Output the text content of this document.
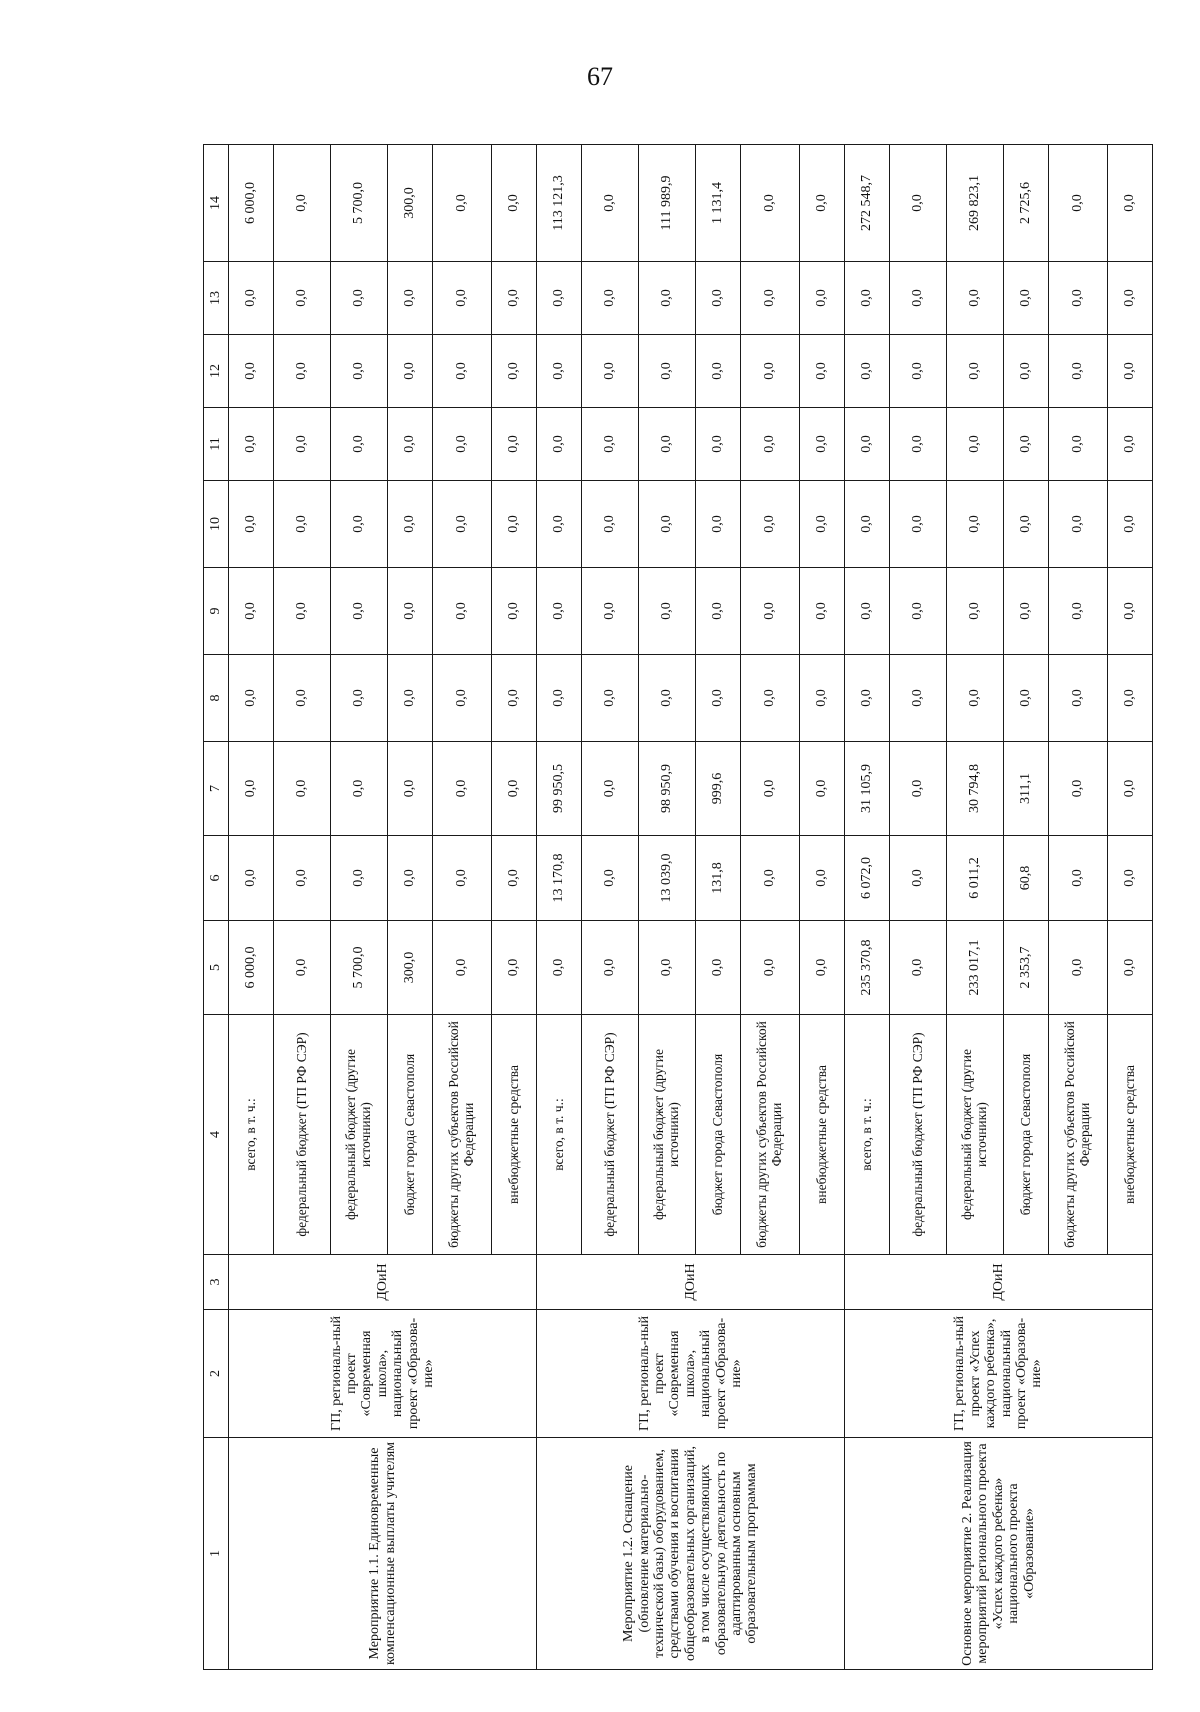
67
1	2	3	4	5	6	7	8	9	10	11	12	13	14
Мероприятие 1.1. Единовременные компенсационные выплаты учителям	ГП, региональ-ный проект «Современная школа», национальный проект «Образова-ние»	ДОиН	всего, в т. ч.:	6 000,0	0,0	0,0	0,0	0,0	0,0	0,0	0,0	0,0	6 000,0
			федеральный бюджет (ГП РФ СЭР)	0,0	0,0	0,0	0,0	0,0	0,0	0,0	0,0	0,0	0,0
			федеральный бюджет (другие источники)	5 700,0	0,0	0,0	0,0	0,0	0,0	0,0	0,0	0,0	5 700,0
			бюджет города Севастополя	300,0	0,0	0,0	0,0	0,0	0,0	0,0	0,0	0,0	300,0
			бюджеты других субъектов Российской Федерации	0,0	0,0	0,0	0,0	0,0	0,0	0,0	0,0	0,0	0,0
			внебюджетные средства	0,0	0,0	0,0	0,0	0,0	0,0	0,0	0,0	0,0	0,0
Мероприятие 1.2. Оснащение (обновление материально-технической базы) оборудованием, средствами обучения и воспитания общеобразовательных организаций, в том числе осуществляющих образовательную деятельность по адаптированным основным образовательным программам	ГП, региональ-ный проект «Современная школа», национальный проект «Образова-ние»	ДОиН	всего, в т. ч.:	0,0	13 170,8	99 950,5	0,0	0,0	0,0	0,0	0,0	0,0	113 121,3
			федеральный бюджет (ГП РФ СЭР)	0,0	0,0	0,0	0,0	0,0	0,0	0,0	0,0	0,0	0,0
			федеральный бюджет (другие источники)	0,0	13 039,0	98 950,9	0,0	0,0	0,0	0,0	0,0	0,0	111 989,9
			бюджет города Севастополя	0,0	131,8	999,6	0,0	0,0	0,0	0,0	0,0	0,0	1 131,4
			бюджеты других субъектов Российской Федерации	0,0	0,0	0,0	0,0	0,0	0,0	0,0	0,0	0,0	0,0
			внебюджетные средства	0,0	0,0	0,0	0,0	0,0	0,0	0,0	0,0	0,0	0,0
Основное мероприятие 2. Реализация мероприятий регионального проекта «Успех каждого ребенка» национального проекта «Образование»	ГП, региональ-ный проект «Успех каждого ребенка», национальный проект «Образова-ние»	ДОиН	всего, в т. ч.:	235 370,8	6 072,0	31 105,9	0,0	0,0	0,0	0,0	0,0	0,0	272 548,7
			федеральный бюджет (ГП РФ СЭР)	0,0	0,0	0,0	0,0	0,0	0,0	0,0	0,0	0,0	0,0
			федеральный бюджет (другие источники)	233 017,1	6 011,2	30 794,8	0,0	0,0	0,0	0,0	0,0	0,0	269 823,1
			бюджет города Севастополя	2 353,7	60,8	311,1	0,0	0,0	0,0	0,0	0,0	0,0	2 725,6
			бюджеты других субъектов Российской Федерации	0,0	0,0	0,0	0,0	0,0	0,0	0,0	0,0	0,0	0,0
			внебюджетные средства	0,0	0,0	0,0	0,0	0,0	0,0	0,0	0,0	0,0	0,0
